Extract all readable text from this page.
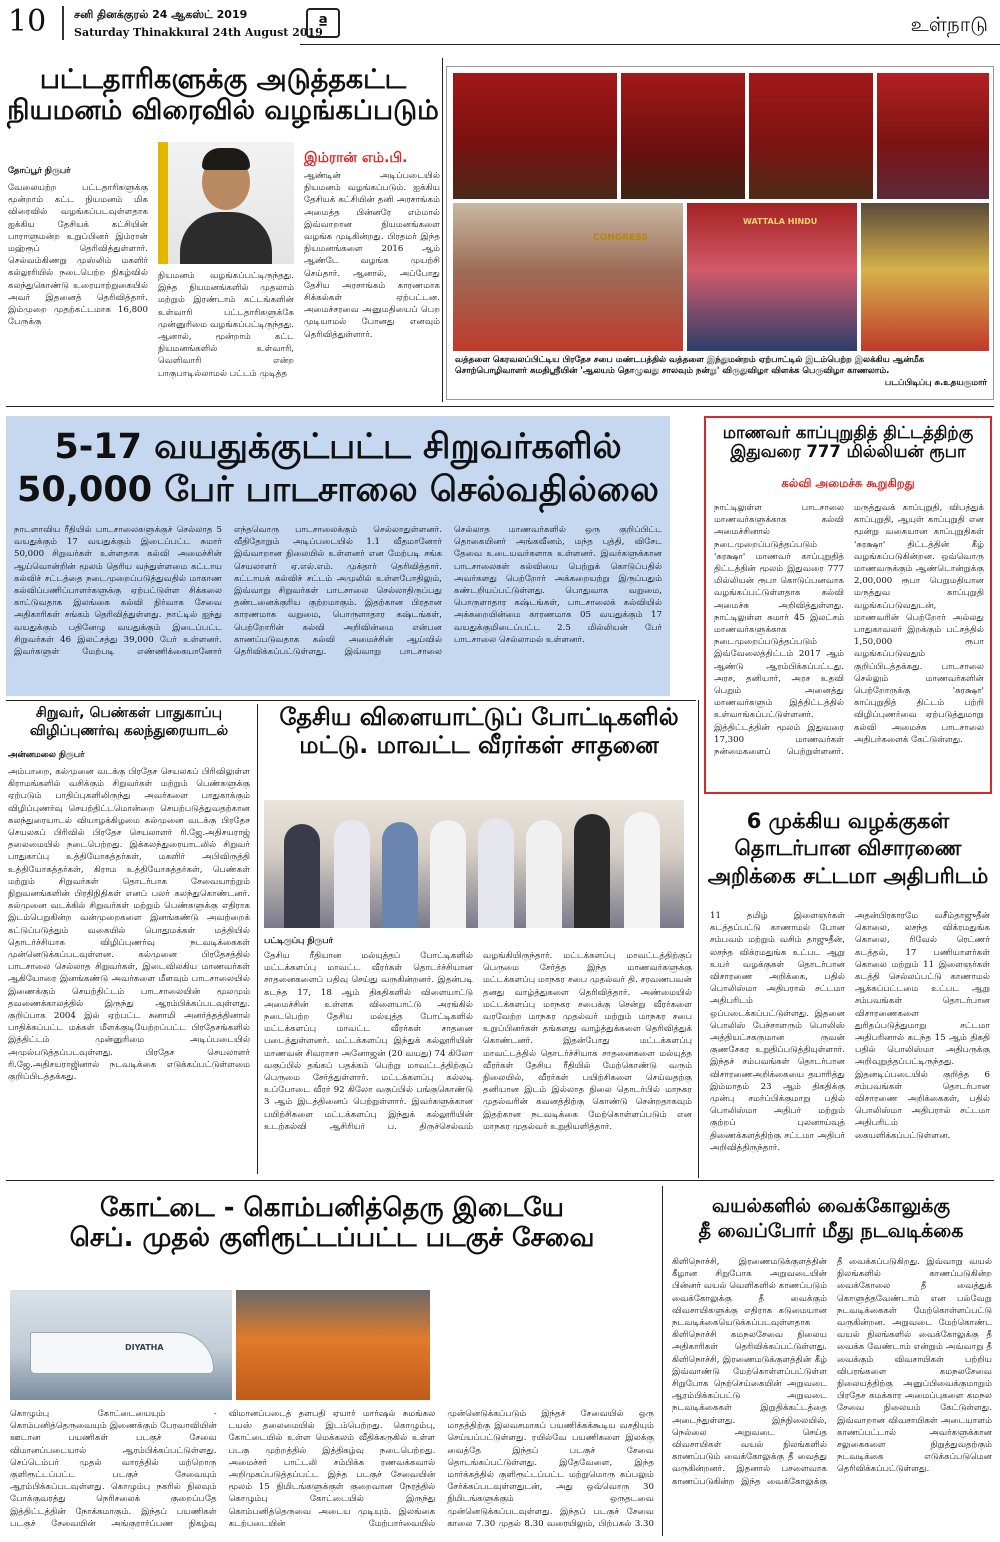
10	சனி தினக்குரல் 24 ஆகஸ்ட் 2019
Saturday Thinakkural 24th August 2019
ª	உள்நாடு
பட்டதாரிகளுக்கு அடுத்தகட்ட
நியமனம் விரைவில் வழங்கப்படும்
தோப்பூர் நிருபர்
வேலையற்ற பட்டதாரிகளுக்கு மூன்றாம் கட்ட நியமனம் மிக விரைவில் வழங்கப்படவுள்ளதாக ஐக்கிய தேசியக் கட்சியின் பாராளுமன்ற உறுப்பினர் இம்ரான் மஹ்ரூப் தெரிவித்துள்ளார். செல்வம்கிணறு முஸ்லிம் மகளிர் கல்லூரியில் நடைபெற்ற நிகழ்வில் கலந்துகொண்டு உரையாற்றுகையில் அவர் இதனைத் தெரிவித்தார். இம்முறை முதற்கட்டமாக 16,800 பேருக்கு
இம்ரான் எம்.பி.
நியமனம் வழங்கப்பட்டிருந்தது. இந்த நியமனங்களில் முதலாம் மற்றும் இரண்டாம் கட்டங்களின் உள்வாரி பட்டதாரிகளுக்கே முன்னுரிமை வழங்கப்பட்டிருந்தது. ஆனால், மூன்றாம் கட்ட நியமனங்களில் உள்வாரி, வெளிவாரி என்ற பாகுபாடில்லாமல் பட்டம் முடித்த
ஆண்டின் அடிப்படையில் நியமனம் வழங்கப்படும். ஐக்கிய தேசியக் கட்சியின் தனி அரசாங்கம் அமைத்த பின்னரே எம்மால் இவ்வாறான நியமனங்களை வழங்க முடிகின்றது. பிரதமர் இந்த நியமனங்களை 2016 ஆம் ஆண்டே வழங்க முயற்சி செய்தார். ஆனால், அப்போது தேசிய அரசாங்கம் காரணமாக சிக்கல்கள் ஏற்பட்டன. அமைச்சரவை அனுமதியைப் பெற முடியாமல் போனது எனவும் தெரிவித்துள்ளார்.
CONGRESS
WATTALA HINDU
வத்தளை கெரவலப்பிட்டிய பிரதேச சபை மண்டபத்தில் வத்தளை இந்துமன்றம் ஏற்பாட்டில் இடம்பெற்ற இலக்கிய ஆன்மீக சொற்பொழிவாளர் சுமதிஸ்ரீயின் 'ஆலயம் தொழுவது சாலவும் நன்று' விருதுவிழா விளக்க பெருவிழா காணலாம்.
படப்பிடிப்பு சு.உதயகுமார்
5-17 வயதுக்குட்பட்ட சிறுவர்களில்
50,000 பேர் பாடசாலை செல்வதில்லை
நாடளாவிய ரீதியில் பாடசாலைகளுக்குச் செல்லாத 5 வயதுக்கும் 17 வயதுக்கும் இடைப்பட்ட சுமார் 50,000 சிறுவர்கள் உள்ளதாக கல்வி அமைச்சின் ஆய்வொன்றின் மூலம் தெரிய வந்துள்ளமை கட்டாய கல்விச் சட்டத்தை நடைமுறைப்படுத்துவதில் மாகாண கல்விப்பணிப்பாளர்களுக்கு ஏற்பட்டுள்ள சிக்கலை காட்டுவதாக இலங்கை கல்வி நிர்வாக சேவை அதிகாரிகள் சங்கம் தெரிவித்துள்ளது. நாட்டில் ஐந்து வயதுக்கும் பதினேழு வயதுக்கும் இடைப்பட்ட சிறுவர்கள் 46 இலட்சத்து 39,000 பேர் உள்ளனர். இவர்களுள் மேற்படி எண்ணிக்கையானோர் எந்தவொரு பாடசாலைக்கும் செல்லாதுள்ளனர். வீதிதோறும் அடிப்படையில் 1.1 வீதமானோர் இவ்வாறான நிலையில் உள்ளனர் என மேற்படி சங்க செயலாளர் ஏ.எல்.எம். முக்தார் தெரிவித்தார். கட்டாயக் கல்விச் சட்டம் அமுலில் உள்ளபோதிலும், இவ்வாறு சிறுவர்கள் பாடசாலை செல்லாதிருப்பது தண்டனைக்குரிய குற்றமாகும். இதற்கான பிரதான காரணமாக வறுமை, பொருளாதார கஷ்டங்கள், பெற்றோரின் கல்வி அறிவின்மை என்பன காணப்படுவதாக கல்வி அமைச்சின் ஆய்வில் தெரிவிக்கப்பட்டுள்ளது. இவ்வாறு பாடசாலை செல்லாத மாணவர்களில் ஒரு குறிப்பிட்ட தொகையினர் அங்கவீனம், மந்த புத்தி, விசேட தேவை உடையவர்களாக உள்ளனர். இவர்களுக்கான பாடசாலைகள் கல்வியை பெற்றுக் கொடுப்பதில் அவர்களது பெற்றோர் அக்கறையற்று இருப்பதும் கண்டறியப்பட்டுள்ளது. பொதுவாக வறுமை, பொருளாதார கஷ்டங்கள், பாடசாலைக் கல்வியில் அக்கறையின்மை காரணமாக 05 வயதுக்கும் 17 வயதுக்குமிடைப்பட்ட 2.5 மில்லியன் பேர் பாடசாலை செல்லாமல் உள்ளனர்.
மாணவர் காப்புறுதித் திட்டத்திற்கு
இதுவரை 777 மில்லியன் ரூபா
கல்வி அமைச்சு கூறுகிறது
நாட்டிலுள்ள பாடசாலை மாணவர்களுக்காக கல்வி அமைச்சினால் நடைமுறைப்படுத்தப்படும் 'சுரக்ஷா' மாணவர் காப்புறுதித் திட்டத்தின் மூலம் இதுவரை 777 மில்லியன் ரூபா கொடுப்பனவாக வழங்கப்பட்டுள்ளதாக கல்வி அமைச்சு அறிவித்துள்ளது. நாட்டிலுள்ள சுமார் 45 இலட்சம் மாணவர்களுக்காக நடைமுறைப்படுத்தப்படும் இவ்வேலைத்திட்டம் 2017 ஆம் ஆண்டு ஆரம்பிக்கப்பட்டது. அரச, தனியார், அரச உதவி பெறும் அனைத்து மாணவர்களும் இத்திட்டத்தில் உள்வாங்கப்பட்டுள்ளனர். இத்திட்டத்தின் மூலம் இதுவரை 17,300 மாணவர்கள் நன்மைகளைப் பெற்றுள்ளனர். மருத்துவக் காப்புறுதி, விபத்துக் காப்புறுதி, ஆயுள் காப்புறுதி என மூன்று வகையான காப்புறுதிகள் 'சுரக்ஷா' திட்டத்தின் கீழ் வழங்கப்படுகின்றன. ஒவ்வொரு மாணவருக்கும் ஆண்டொன்றுக்கு 2,00,000 ரூபா பெறுமதியான மருத்துவ காப்புறுதி வழங்கப்படுவதுடன், மாணவரின் பெற்றோர் அல்லது பாதுகாவலர் இறக்கும் பட்சத்தில் 1,50,000 ரூபா வழங்கப்படுவதும் குறிப்பிடத்தக்கது. பாடசாலை செல்லும் மாணவர்களின் பெற்றோருக்கு 'சுரக்ஷா' காப்புறுதித் திட்டம் பற்றி விழிப்புணர்வை ஏற்படுத்துமாறு கல்வி அமைச்சு பாடசாலை அதிபர்களைக் கேட்டுள்ளது.
சிறுவர், பெண்கள் பாதுகாப்பு
விழிப்புணர்வு கலந்துரையாடல்
அன்னமலை நிருபர்
அம்பாறை, கல்முனை வடக்கு பிரதேச செயலகப் பிரிவிலுள்ள கிராமங்களில் வசிக்கும் சிறுவர்கள் மற்றும் பெண்களுக்கு ஏற்படும் பாதிப்புகளிலிருந்து அவர்களை பாதுகாக்கும் விழிப்புணர்வு செயற்திட்டமொன்றை செயற்படுத்துவதற்கான கலந்துரையாடல் வியாழக்கிழமை கல்முனை வடக்கு பிரதேச செயலகப் பிரிவில் பிரதேச செயலாளர் ரி.ஜே.அதிசயராஜ் தலைமையில் நடைபெற்றது. இக்கலந்துரையாடலில் சிறுவர் பாதுகாப்பு உத்தியோகத்தர்கள், மகளிர் அபிவிருத்தி உத்தியோகத்தர்கள், கிராம உத்தியோகத்தர்கள், பெண்கள் மற்றும் சிறுவர்கள் தொடர்பாக சேவையாற்றும் நிறுவனங்களின் பிரதிநிதிகள் எனப் பலர் கலந்துகொண்டனர். கல்முனை வடக்கில் சிறுவர்கள் மற்றும் பெண்களுக்கு எதிராக இடம்பெறுகின்ற வன்முறைகளை இனங்கண்டு அவற்றைக் கட்டுப்படுத்தும் வகையில் பொதுமக்கள் மத்தியில் தொடர்ச்சியாக விழிப்புணர்வு நடவடிக்கைகள் முன்னெடுக்கப்படவுள்ளன. கல்முனை பிரதேசத்தில் பாடசாலை செல்லாத சிறுவர்கள், இடைவிலகிய மாணவர்கள் ஆகியோரை இனங்கண்டு அவர்களை மீளவும் பாடசாலையில் இணைக்கும் செயற்திட்டம் பாடசாலையின் மூலமும் தவணைக்காலத்தில் இருந்து ஆரம்பிக்கப்படவுள்ளது. குறிப்பாக 2004 இல் ஏற்பட்ட சுனாமி அனர்த்தத்தினால் பாதிக்கப்பட்ட மக்கள் மீளக்குடியேற்றப்பட்ட பிரதேசங்களில் இத்திட்டம் முன்னுரிமை அடிப்படையில் அமுல்படுத்தப்படவுள்ளது. பிரதேச செயலாளர் ரி.ஜே.அதிசயராஜினால் நடவடிக்கை எடுக்கப்பட்டுள்ளமை குறிப்பிடத்தக்கது.
தேசிய விளையாட்டுப் போட்டிகளில்
மட்டு. மாவட்ட வீரர்கள் சாதனை
பட்டிருப்பு நிருபர்
தேசிய ரீதியான மல்யுத்தப் போட்டிகளில் மட்டக்களப்பு மாவட்ட வீரர்கள் தொடர்ச்சியான சாதனைகளைப் பதிவு செய்து வருகின்றனர். இதன்படி கடந்த 17, 18 ஆம் திகதிகளில் விளையாட்டு அமைச்சின் உள்ளக விளையாட்டு அரங்கில் நடைபெற்ற தேசிய மல்யுத்த போட்டிகளில் மட்டக்களப்பு மாவட்ட வீரர்கள் சாதனை படைத்துள்ளனர். மட்டக்களப்பு இந்துக் கல்லூரியின் மாணவன் சிவராசா அனோஜன் (20 வயது) 74 கிலோ வகுப்பில் தங்கப் பதக்கம் பெற்று மாவட்டத்திற்குப் பெருமை சேர்த்துள்ளார். மட்டக்களப்பு கல்லடி உப்போடை வீரர் 92 கிலோ வகுப்பில் பங்குகொண்டு 3 ஆம் இடத்தினைப் பெற்றுள்ளார். இவர்களுக்கான பயிற்சிகளை மட்டக்களப்பு இந்துக் கல்லூரியின் உடற்கல்வி ஆசிரியர் ப. திருச்செல்வம் வழங்கியிருந்தார். மட்டக்களப்பு மாவட்டத்திற்குப் பெருமை சேர்த்த இந்த மாணவர்களுக்கு மட்டக்களப்பு மாநகர சபை முதல்வர் தி. சரவணபவன் தனது வாழ்த்துகளை தெரிவித்தார். அண்மையில் மட்டக்களப்பு மாநகர சபைக்கு சென்று வீரர்களை வரவேற்ற மாநகர முதல்வர் மற்றும் மாநகர சபை உறுப்பினர்கள் தங்களது வாழ்த்துக்களை தெரிவித்துக் கொண்டனர். இதன்போது மட்டக்களப்பு மாவட்டத்தில் தொடர்ச்சியாக சாதனைகளை மல்யுத்த வீரர்கள் தேசிய ரீதியில் மேற்கொண்டு வரும் நிலையில், வீரர்கள் பயிற்சிகளை செய்வதற்கு தனியான இடம் இல்லாத நிலை தொடர்பில் மாநகர முதல்வரின் கவனத்திற்கு கொண்டு சென்றதாகவும் இதற்கான நடவடிக்கை மேற்கொள்ளப்படும் என மாநகர முதல்வர் உறுதியளித்தார்.
6 முக்கிய வழக்குகள்
தொடர்பான விசாரணை
அறிக்கை சட்டமா அதிபரிடம்
11 தமிழ் இளைஞர்கள் கடத்தப்பட்டு காணாமல் போன சம்பவம் மற்றும் வசிம் தாஜுதீன், லசந்த விக்ரமதுங்க உட்பட ஆறு உயர் வழக்குகள் தொடர்பான விசாரணை அறிக்கை, பதில் பொலிஸ்மா அதிபரால் சட்டமா அதிபரிடம் ஒப்படைக்கப்பட்டுள்ளது. இதனை பொலிஸ் பேச்சாளரும் பொலிஸ் அத்தியட்சகருமான ருவன் குணசேகர உறுதிப்படுத்தியுள்ளார். இந்தச் சம்பவங்கள் தொடர்பான விசாரணைஅறிக்கையை தயாரித்து இம்மாதம் 23 ஆம் திகதிக்கு முன்பு சமர்ப்பிக்குமாறு பதில் பொலிஸ்மா அதிபர் மற்றும் குற்றப் புலனாய்வுத் திணைக்களத்திற்கு சட்டமா அதிபர் அறிவித்திருந்தார். அதன்பிரகாரமே வசீம்தாஜுதீன் கொலை, லசந்த விக்ரமதுங்க கொலை, ரிவேல் ரெட்ணர் கடத்தல், 17 பணியாளர்கள் கொலை மற்றும் 11 இளைஞர்கள் கடத்தி செல்லப்பட்டு காணாமல் ஆக்கப்பட்டமை உட்பட ஆறு சம்பவங்கள் தொடர்பான விசாரணைகளை துரிதப்படுத்துமாறு சட்டமா அதிபரினால் கடந்த 15 ஆம் திகதி பதில் பொலிஸ்மா அதிபருக்கு அறிவுறுத்தப்பட்டிருந்தது. இதனடிப்படையில் குறித்த 6 சம்பவங்கள் தொடர்பான விசாரணை அறிக்கைகள், பதில் பொலிஸ்மா அதிபரால் சட்டமா அதிபரிடம் கையளிக்கப்பட்டுள்ளன.
கோட்டை - கொம்பனித்தெரு இடையே
செப். முதல் குளிரூட்டப்பட்ட படகுச் சேவை
DIYATHA
கொழும்பு கோட்டையையும் - கொம்பனித்தெருவையும் இணைக்கும் பேரவாவியின் ஊடான பயணிகள் படகுச் சேவை விமானப்படையால் ஆரம்பிக்கப்பட்டுள்ளது. செப்டெம்பர் முதல் வாரத்தில் மற்றொரு குளிரூட்டப்பட்ட படகுச் சேவையும் ஆரம்பிக்கப்படவுள்ளது. கொழும்பு நகரில் நிலவும் போக்குவரத்து நெரிசலைக் குறைப்பதே இத்திட்டத்தின் நோக்கமாகும். இந்தப் பயணிகள் படகுச் சேவையின் அங்குரார்ப்பண நிகழ்வு விமானப்படைத் தளபதி ஏயார் மார்ஷல் சுமங்கல டயஸ் தலைமையில் இடம்பெற்றது. கொழும்பு, கோட்டையில் உள்ள மெக்கலம் வீதிக்கருகில் உள்ள படகு முற்றத்தில் இத்திகழ்வு நடைபெற்றது. அமைச்சர் பாட்டலி சம்பிக்க ரணவக்கவால் அறிமுகப்படுத்தப்பட்ட இந்த படகுச் சேவையின் மூலம் 15 நிமிடங்களுக்குள் குறைவான நேரத்தில் கொழும்பு கோட்டையில் இருந்து கொம்பனித்தெருவை அடைய முடியும். இலங்கை கடற்படையின் மேற்பார்வையில் முன்னெடுக்கப்படும் இந்தச் சேவையில் ஒரு மாதத்திற்கு இலவசமாகப் பயணிக்கக்கூடிய வசதியும் செய்யப்பட்டுள்ளது. ரயில்வே பயணிகளை இலக்கு வைத்தே இந்தப் படகுச் சேவை தொடங்கப்பட்டுள்ளது. இதேவேளை, இந்த மார்க்கத்தில் குளிரூட்டப்பட்ட மற்றுமொரு கப்பலும் சேர்க்கப்படவுள்ளதுடன், அது ஒவ்வொரு 30 நிமிடங்களுக்கும் ஒருதடவை முன்னெடுக்கப்படவுள்ளது. இந்தப் படகுச் சேவை காலை 7.30 முதல் 8.30 வரையிலும், பிற்பகல் 3.30
வயல்களில் வைக்கோலுக்கு
தீ வைப்போர் மீது நடவடிக்கை
கிளிநொச்சி, இரணைமடுக்குளத்தின் கீழான சிறுபோக அறுவடையின் பின்னர் வயல் வெளிகளில் காணப்படும் வைக்கோலுக்கு தீ வைக்கும் விவசாயிகளுக்கு எதிராக கடுமையான நடவடிக்கையெடுக்கப்படவுள்ளதாக கிளிநொச்சி கமநலசேவை நிலைய அதிகாரிகள் தெரிவிக்கப்பட்டுள்ளது. கிளிநொச்சி, இரணைமடுக்குளத்தின் கீழ் இவ்வாண்டு மேற்கொள்ளப்பட்டுள்ள சிறுபோக நெற்செய்கையின் அறுவடை ஆரம்பிக்கப்பட்டு அறுவடை நடவடிக்கைகள் இறுதிக்கட்டத்தை அடைந்துள்ளது. இந்நிலையில், நெல்லை அறுவடை செய்த விவசாயிகள் வயல் நிலங்களில் காணப்படும் வைக்கோலுக்கு தீ வைத்து வருகின்றனர். இதனால் பசளைவாக காணப்படுகின்ற இந்த வைக்கோலுக்கு தீ வைக்கப்படுகிறது. இவ்வாறு வயல் நிலங்களில் காணப்படுகின்ற வைக்கோலை தீ வைத்துக் கொளுத்தவேண்டாம் என பல்வேறு நடவடிக்கைகள் மேற்கொள்ளப்பட்டு வருகின்றன. அறுவடை மேற்கொண்ட வயல் நிலங்களில் வைக்கோலுக்கு தீ வைக்க வேண்டாம் என்றும் அவ்வாறு தீ வைக்கும் விவசாயிகள் பற்றிய விபரங்களை கமநலசேவை நிலையத்திற்கு அனுப்பிவைக்குமாறும் பிரதேச கமக்கார அமைப்புகளை கமநல சேவை நிலையம் கேட்டுள்ளது. இவ்வாறான விவசாயிகள் அடையாளம் காணப்பட்டால் அவர்களுக்கான சலுகைகளை நிறுத்துவதற்கும் நடவடிக்கை எடுக்கப்படுமென தெரிவிக்கப்பட்டுள்ளது.
